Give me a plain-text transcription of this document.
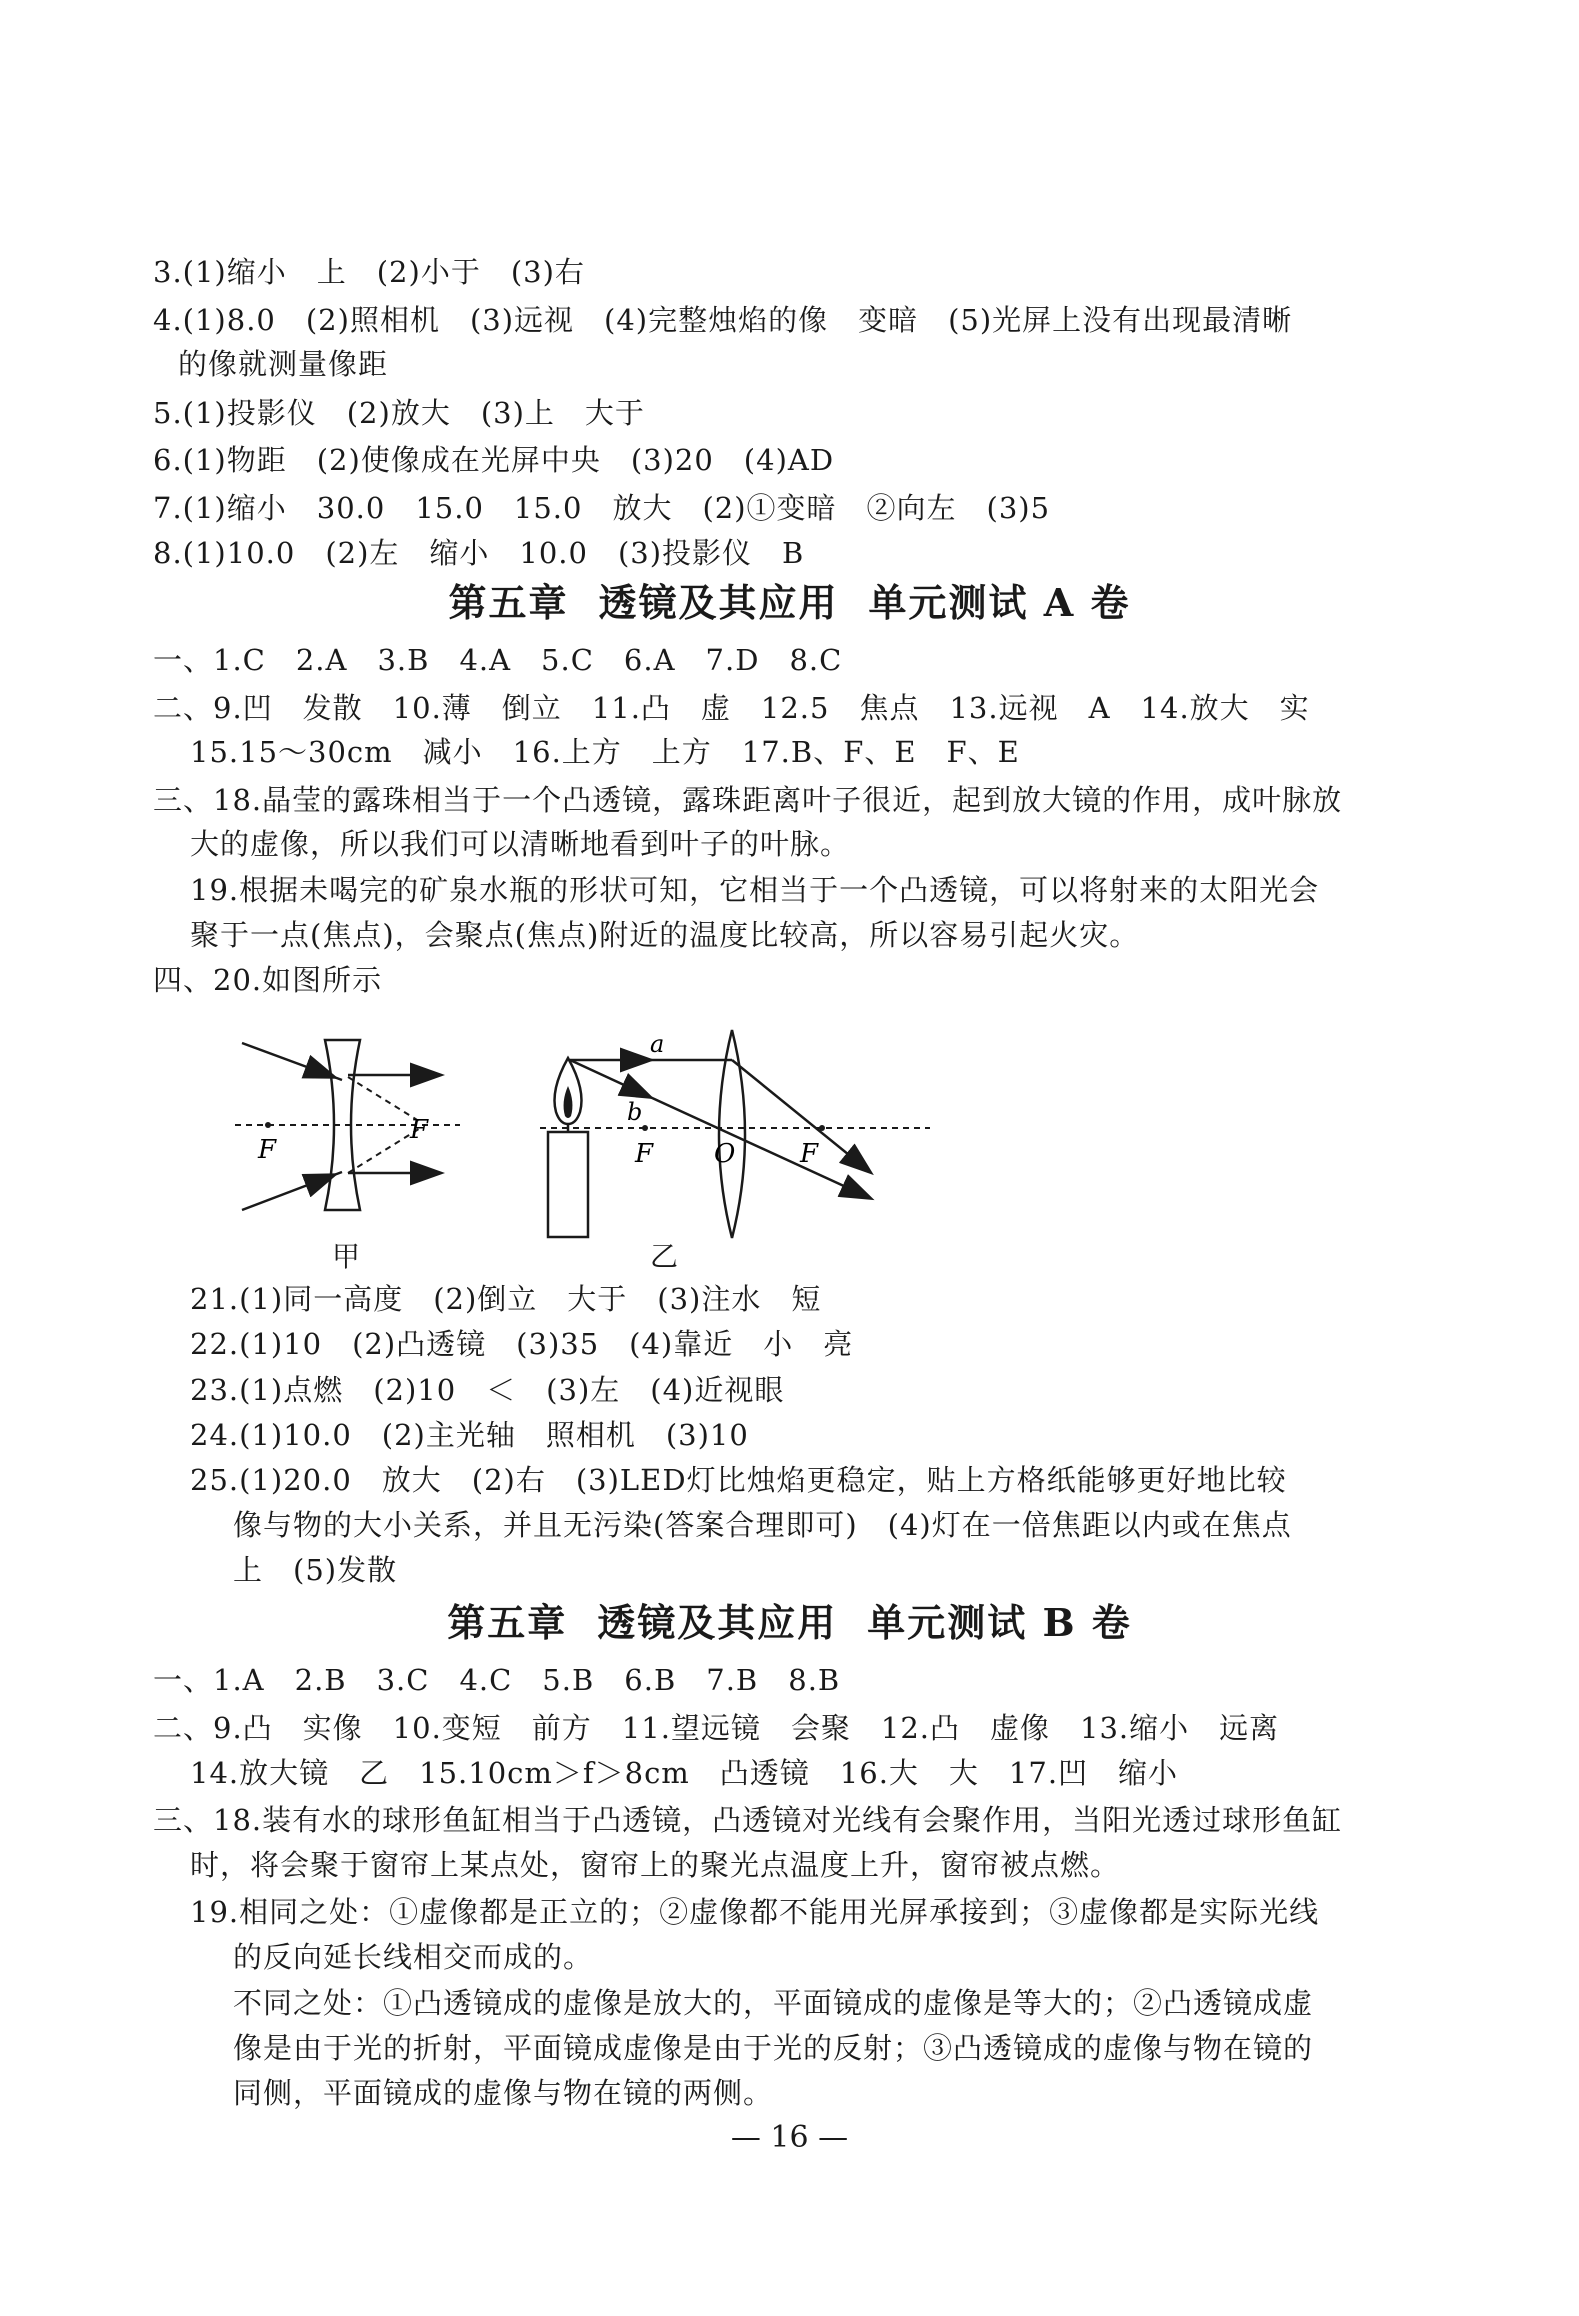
3.(1)缩小　上　(2)小于　(3)右
4.(1)8.0　(2)照相机　(3)远视　(4)完整烛焰的像　变暗　(5)光屏上没有出现最清晰
的像就测量像距
5.(1)投影仪　(2)放大　(3)上　大于
6.(1)物距　(2)使像成在光屏中央　(3)20　(4)AD
7.(1)缩小　30.0　15.0　15.0　放大　(2)①变暗　②向左　(3)5
8.(1)10.0　(2)左　缩小　10.0　(3)投影仪　B
第五章 透镜及其应用 单元测试 A 卷
一、1.C　2.A　3.B　4.A　5.C　6.A　7.D　8.C
二、9.凹　发散　10.薄　倒立　11.凸　虚　12.5　焦点　13.远视　A　14.放大　实
15.15～30cm　减小　16.上方　上方　17.B、F、E　F、E
三、18.晶莹的露珠相当于一个凸透镜，露珠距离叶子很近，起到放大镜的作用，成叶脉放
大的虚像，所以我们可以清晰地看到叶子的叶脉。
19.根据未喝完的矿泉水瓶的形状可知，它相当于一个凸透镜，可以将射来的太阳光会
聚于一点(焦点)，会聚点(焦点)附近的温度比较高，所以容易引起火灾。
四、20.如图所示
F
F
F	F
O
a
b
甲	乙
21.(1)同一高度　(2)倒立　大于　(3)注水　短
22.(1)10　(2)凸透镜　(3)35　(4)靠近　小　亮
23.(1)点燃　(2)10　＜　(3)左　(4)近视眼
24.(1)10.0　(2)主光轴　照相机　(3)10
25.(1)20.0　放大　(2)右　(3)LED灯比烛焰更稳定，贴上方格纸能够更好地比较
像与物的大小关系，并且无污染(答案合理即可)　(4)灯在一倍焦距以内或在焦点
上　(5)发散
第五章 透镜及其应用 单元测试 B 卷
一、1.A　2.B　3.C　4.C　5.B　6.B　7.B　8.B
二、9.凸　实像　10.变短　前方　11.望远镜　会聚　12.凸　虚像　13.缩小　远离
14.放大镜　乙　15.10cm＞f＞8cm　凸透镜　16.大　大　17.凹　缩小
三、18.装有水的球形鱼缸相当于凸透镜，凸透镜对光线有会聚作用，当阳光透过球形鱼缸
时，将会聚于窗帘上某点处，窗帘上的聚光点温度上升，窗帘被点燃。
19.相同之处：①虚像都是正立的；②虚像都不能用光屏承接到；③虚像都是实际光线
的反向延长线相交而成的。
不同之处：①凸透镜成的虚像是放大的，平面镜成的虚像是等大的；②凸透镜成虚
像是由于光的折射，平面镜成虚像是由于光的反射；③凸透镜成的虚像与物在镜的
同侧，平面镜成的虚像与物在镜的两侧。
— 16 —
